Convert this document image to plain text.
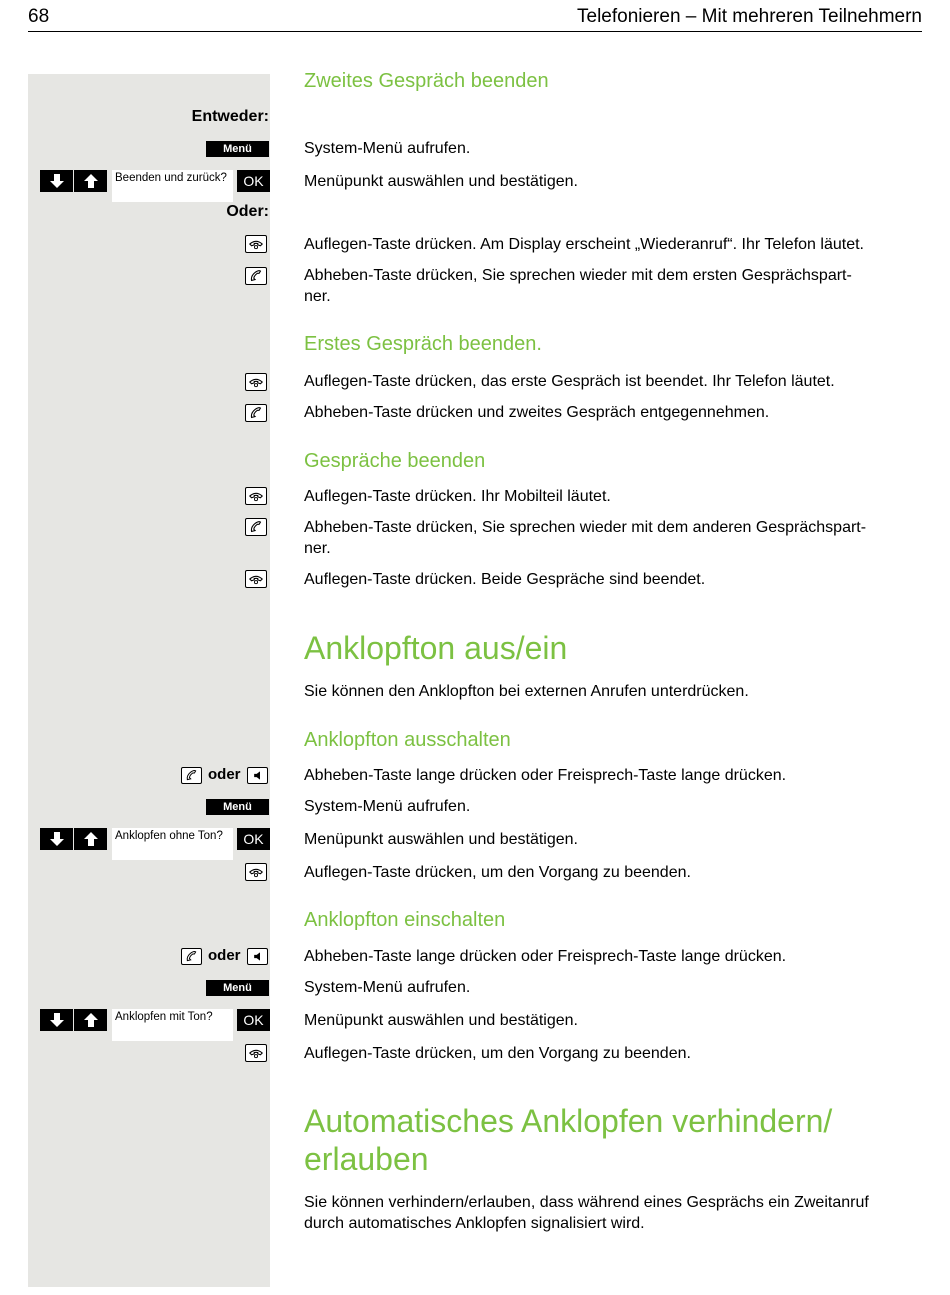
68	Telefonieren – Mit mehreren Teilnehmern
Zweites Gespräch beenden
Entweder:
Menü	System-Menü aufrufen.
Beenden und zurück?	OK	Menüpunkt auswählen und bestätigen.
Oder:
Auflegen-Taste drücken. Am Display erscheint „Wiederanruf“. Ihr Telefon läutet.
Abheben-Taste drücken, Sie sprechen wieder mit dem ersten Gesprächspart-
ner.
Erstes Gespräch beenden.
Auflegen-Taste drücken, das erste Gespräch ist beendet. Ihr Telefon läutet.
Abheben-Taste drücken und zweites Gespräch entgegennehmen.
Gespräche beenden
Auflegen-Taste drücken. Ihr Mobilteil läutet.
Abheben-Taste drücken, Sie sprechen wieder mit dem anderen Gesprächspart-
ner.
Auflegen-Taste drücken. Beide Gespräche sind beendet.
Anklopfton aus/ein
Sie können den Anklopfton bei externen Anrufen unterdrücken.
Anklopfton ausschalten
oder	Abheben-Taste lange drücken oder Freisprech-Taste lange drücken.
Menü	System-Menü aufrufen.
Anklopfen ohne Ton?	OK	Menüpunkt auswählen und bestätigen.
Auflegen-Taste drücken, um den Vorgang zu beenden.
Anklopfton einschalten
oder	Abheben-Taste lange drücken oder Freisprech-Taste lange drücken.
Menü	System-Menü aufrufen.
Anklopfen mit Ton?	OK	Menüpunkt auswählen und bestätigen.
Auflegen-Taste drücken, um den Vorgang zu beenden.
Automatisches Anklopfen verhindern/
erlauben
Sie können verhindern/erlauben, dass während eines Gesprächs ein Zweitanruf
durch automatisches Anklopfen signalisiert wird.
